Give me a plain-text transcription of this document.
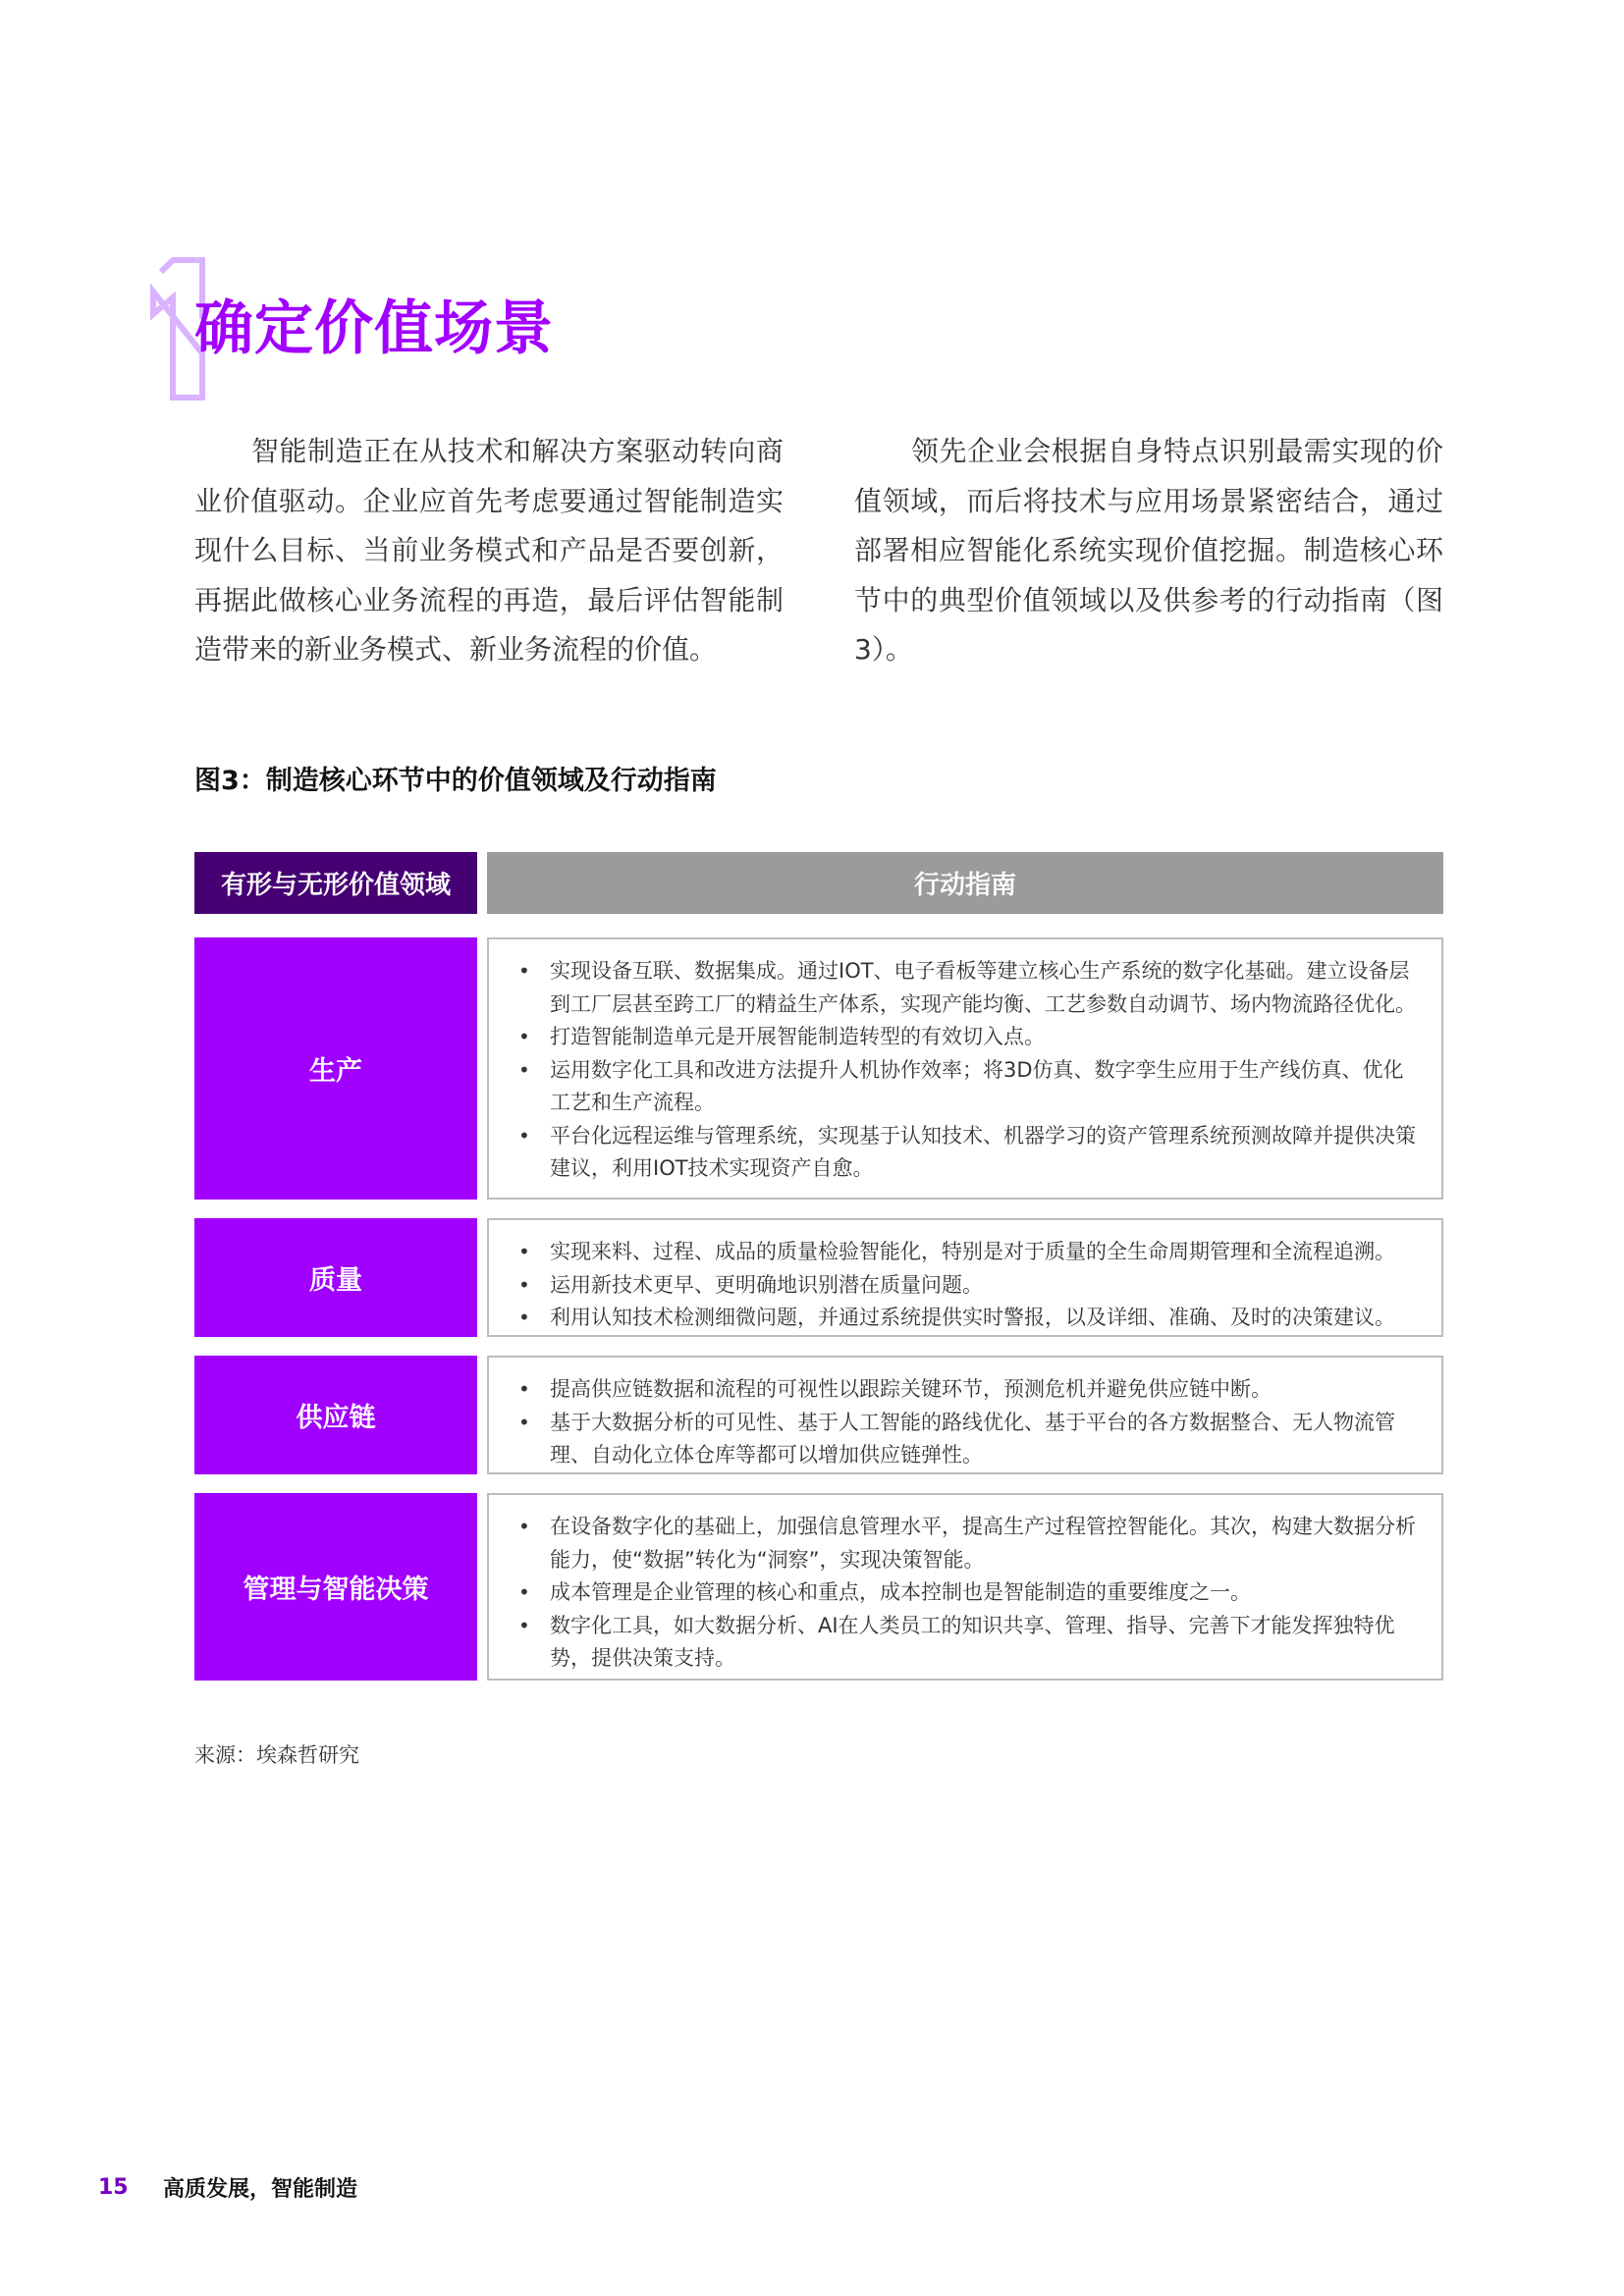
确定价值场景

智能制造正在从技术和解决方案驱动转向商业价值驱动。企业应首先考虑要通过智能制造实现什么目标、当前业务模式和产品是否要创新，再据此做核心业务流程的再造，最后评估智能制造带来的新业务模式、新业务流程的价值。

领先企业会根据自身特点识别最需实现的价值领域，而后将技术与应用场景紧密结合，通过部署相应智能化系统实现价值挖掘。制造核心环节中的典型价值领域以及供参考的行动指南（图3）。

图3：制造核心环节中的价值领域及行动指南
有形与无形价值领域	行动指南
生产
• 实现设备互联、数据集成。通过IOT、电子看板等建立核心生产系统的数字化基础。建立设备层到工厂层甚至跨工厂的精益生产体系，实现产能均衡、工艺参数自动调节、场内物流路径优化。
• 打造智能制造单元是开展智能制造转型的有效切入点。
• 运用数字化工具和改进方法提升人机协作效率；将3D仿真、数字孪生应用于生产线仿真、优化工艺和生产流程。
• 平台化远程运维与管理系统，实现基于认知技术、机器学习的资产管理系统预测故障并提供决策建议，利用IOT技术实现资产自愈。
质量
• 实现来料、过程、成品的质量检验智能化，特别是对于质量的全生命周期管理和全流程追溯。
• 运用新技术更早、更明确地识别潜在质量问题。
• 利用认知技术检测细微问题，并通过系统提供实时警报，以及详细、准确、及时的决策建议。
供应链
• 提高供应链数据和流程的可视性以跟踪关键环节，预测危机并避免供应链中断。
• 基于大数据分析的可见性、基于人工智能的路线优化、基于平台的各方数据整合、无人物流管理、自动化立体仓库等都可以增加供应链弹性。
管理与智能决策
• 在设备数字化的基础上，加强信息管理水平，提高生产过程管控智能化。其次，构建大数据分析能力，使“数据”转化为“洞察”，实现决策智能。
• 成本管理是企业管理的核心和重点，成本控制也是智能制造的重要维度之一。
• 数字化工具，如大数据分析、AI在人类员工的知识共享、管理、指导、完善下才能发挥独特优势，提供决策支持。
来源：埃森哲研究
15	高质发展，智能制造
